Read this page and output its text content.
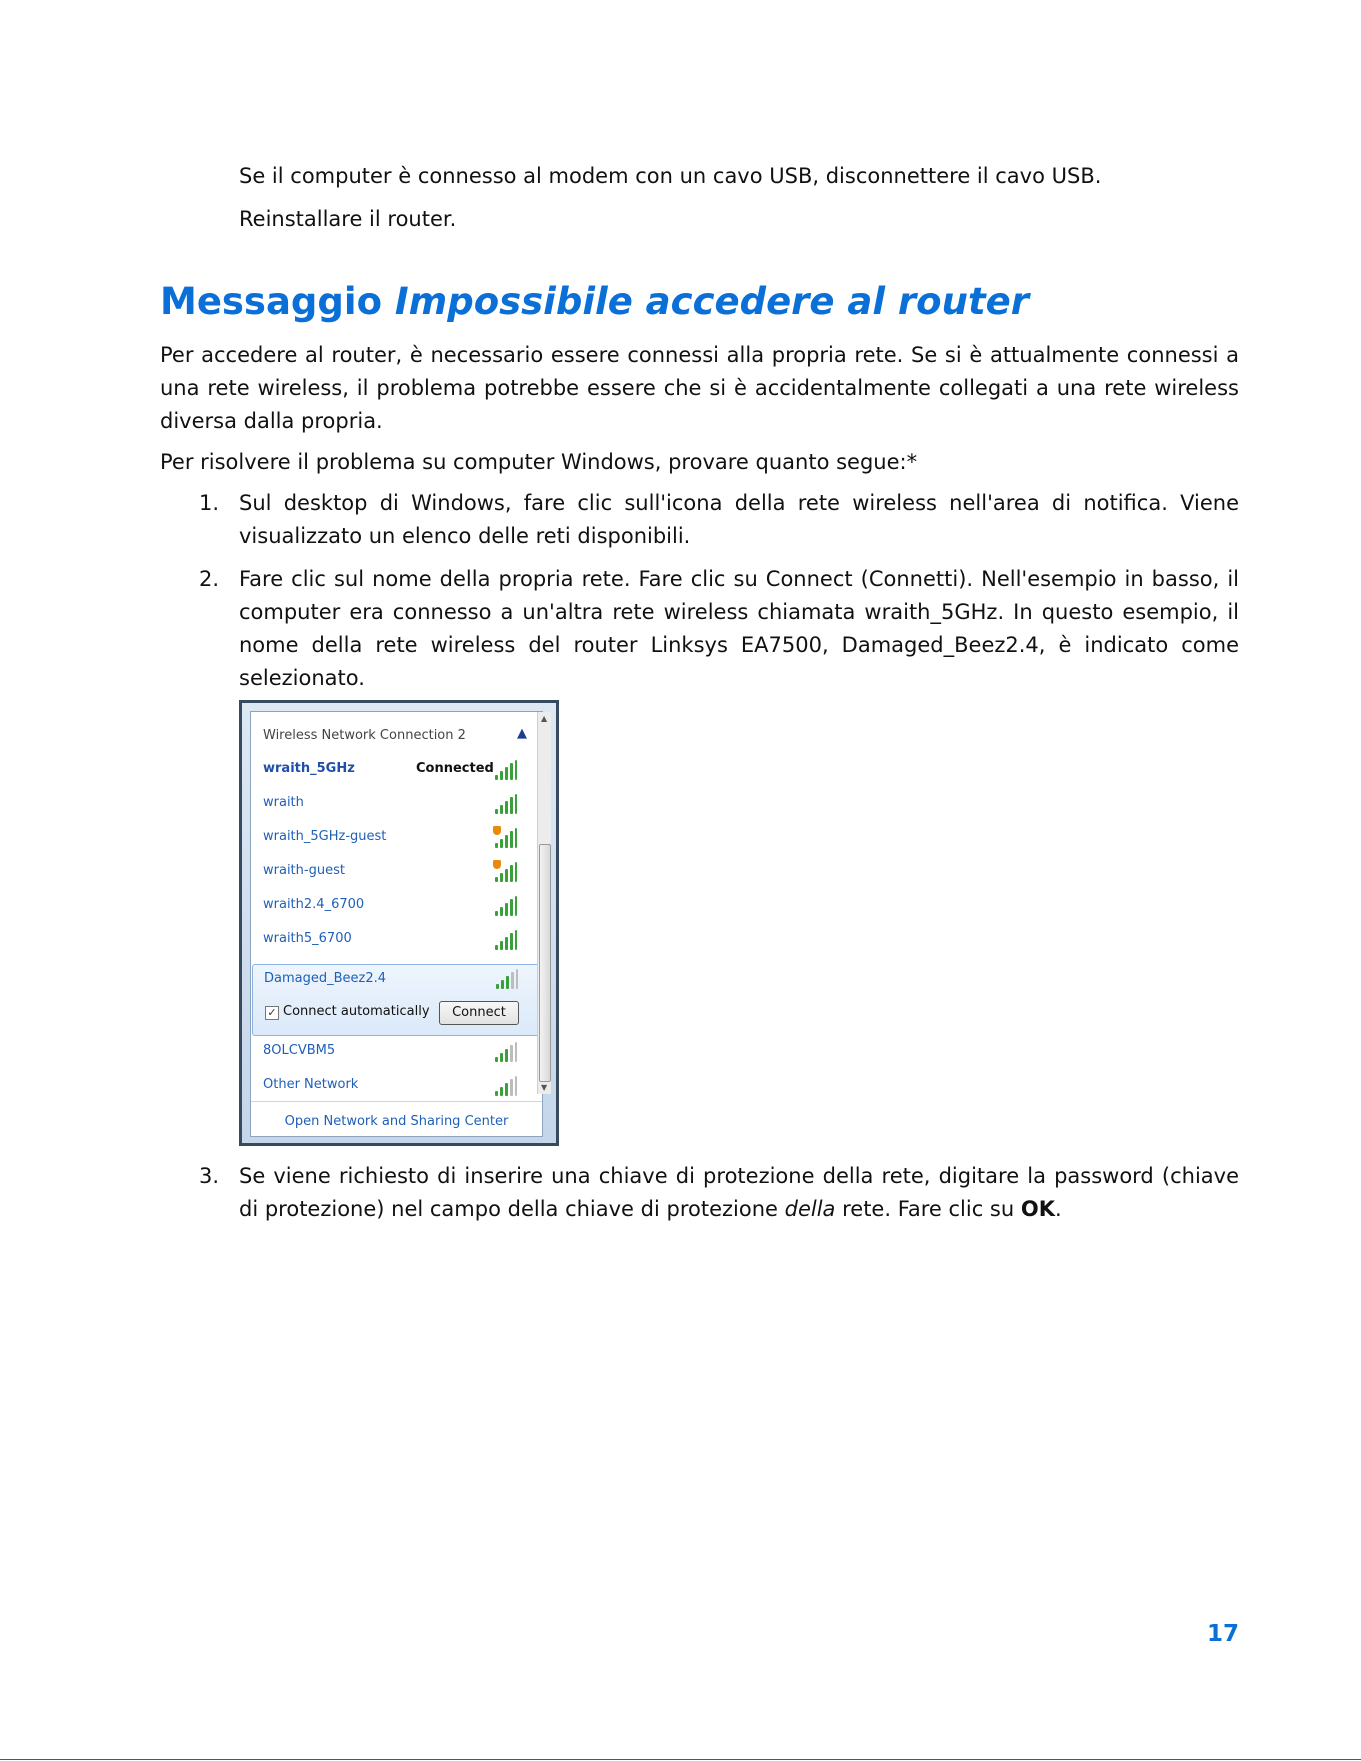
Se il computer è connesso al modem con un cavo USB, disconnettere il cavo USB.
Reinstallare il router.
Messaggio Impossibile accedere al router
Per accedere al router, è necessario essere connessi alla propria rete. Se si è attualmente connessi a una rete wireless, il problema potrebbe essere che si è accidentalmente collegati a una rete wireless diversa dalla propria.
Per risolvere il problema su computer Windows, provare quanto segue:*
1. Sul desktop di Windows, fare clic sull'icona della rete wireless nell'area di notifica. Viene visualizzato un elenco delle reti disponibili.
2. Fare clic sul nome della propria rete. Fare clic su Connect (Connetti). Nell'esempio in basso, il computer era connesso a un'altra rete wireless chiamata wraith_5GHz. In questo esempio, il nome della rete wireless del router Linksys EA7500, Damaged_Beez2.4, è indicato come selezionato.
Wireless Network Connection 2	▲
wraith_5GHz	Connected
wraith
wraith_5GHz-guest
wraith-guest
wraith2.4_6700
wraith5_6700
Damaged_Beez2.4
✓ Connect automatically	Connect
8OLCVBM5
Other Network
Open Network and Sharing Center
▲
▼
3. Se viene richiesto di inserire una chiave di protezione della rete, digitare la password (chiave di protezione) nel campo della chiave di protezione della rete. Fare clic su OK.
17
